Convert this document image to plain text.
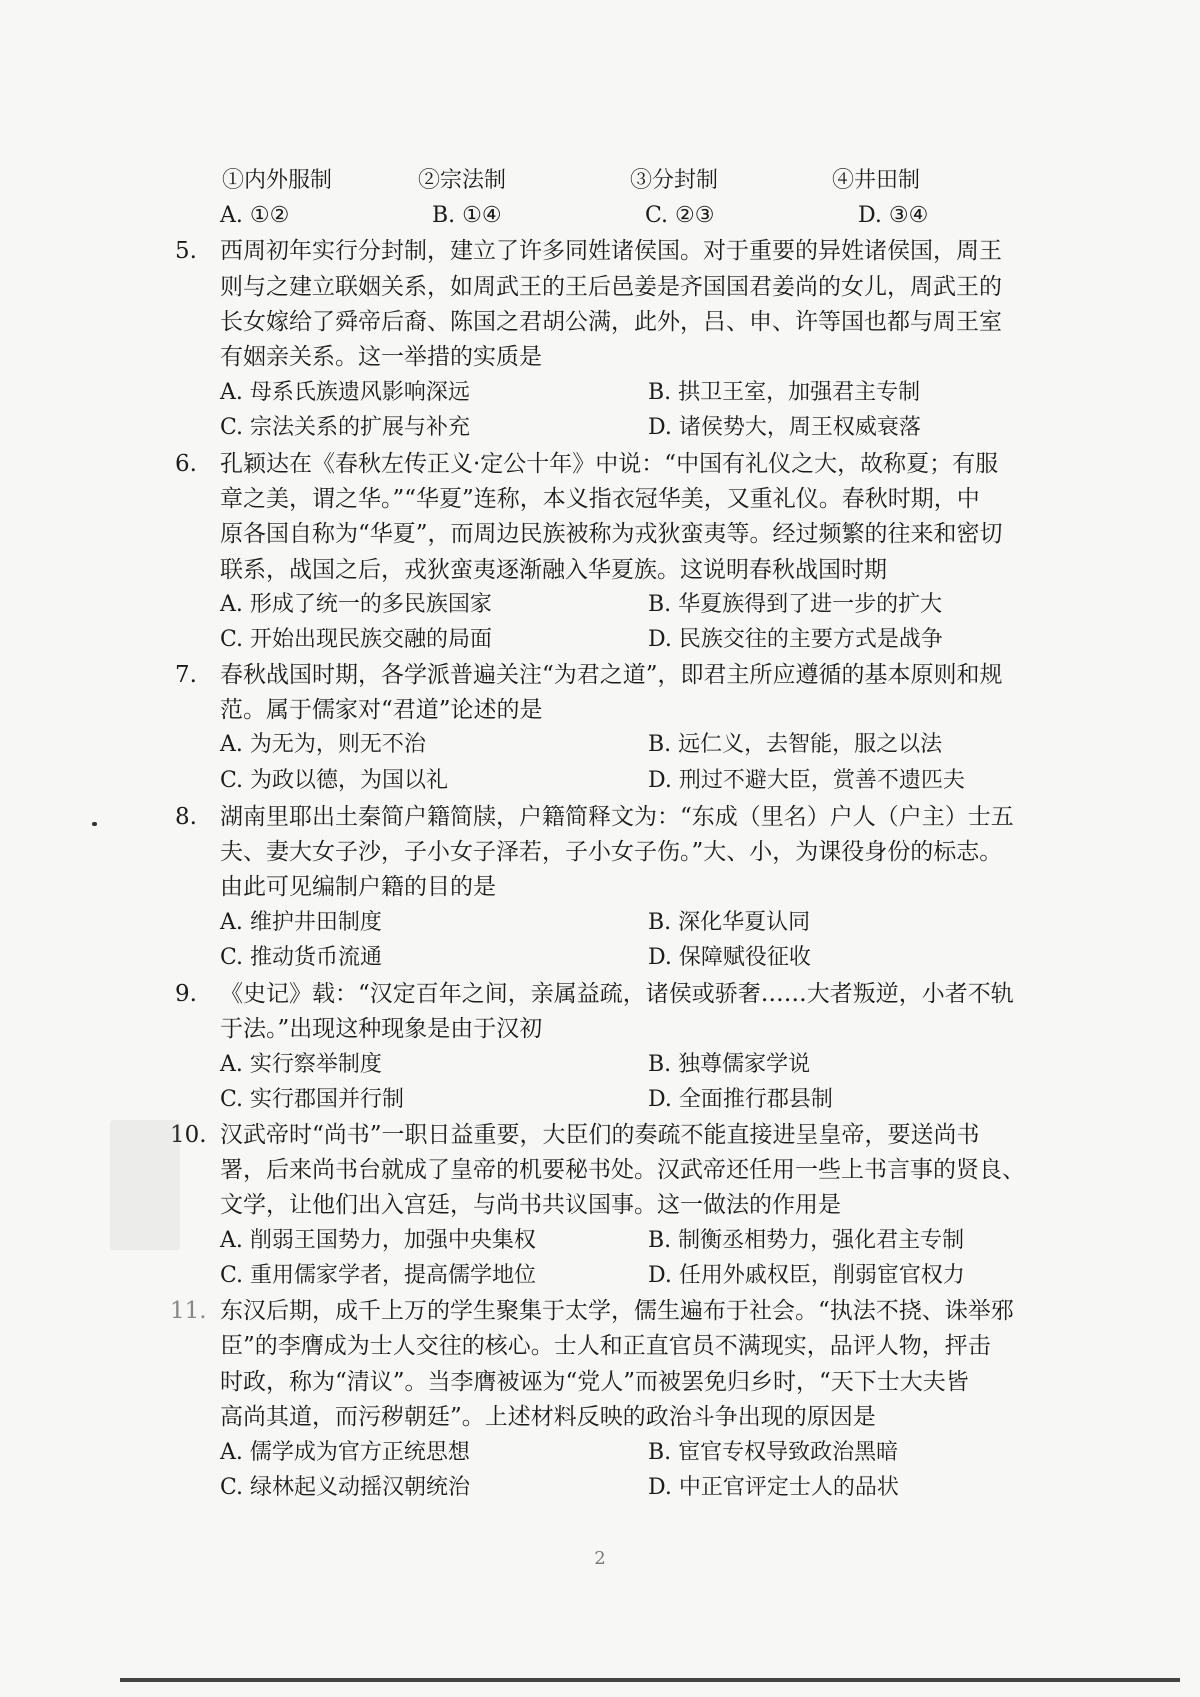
①内外服制	②宗法制	③分封制	④井田制
A. ①②	B. ①④	C. ②③	D. ③④
5. 西周初年实行分封制，建立了许多同姓诸侯国。对于重要的异姓诸侯国，周王
则与之建立联姻关系，如周武王的王后邑姜是齐国国君姜尚的女儿，周武王的
长女嫁给了舜帝后裔、陈国之君胡公满，此外，吕、申、许等国也都与周王室
有姻亲关系。这一举措的实质是
A. 母系氏族遗风影响深远	B. 拱卫王室，加强君主专制
C. 宗法关系的扩展与补充	D. 诸侯势大，周王权威衰落
6. 孔颖达在《春秋左传正义·定公十年》中说：“中国有礼仪之大，故称夏；有服
章之美，谓之华。”“华夏”连称，本义指衣冠华美，又重礼仪。春秋时期，中
原各国自称为“华夏”，而周边民族被称为戎狄蛮夷等。经过频繁的往来和密切
联系，战国之后，戎狄蛮夷逐渐融入华夏族。这说明春秋战国时期
A. 形成了统一的多民族国家	B. 华夏族得到了进一步的扩大
C. 开始出现民族交融的局面	D. 民族交往的主要方式是战争
7. 春秋战国时期，各学派普遍关注“为君之道”，即君主所应遵循的基本原则和规
范。属于儒家对“君道”论述的是
A. 为无为，则无不治	B. 远仁义，去智能，服之以法
C. 为政以德，为国以礼	D. 刑过不避大臣，赏善不遗匹夫
8. 湖南里耶出土秦简户籍简牍，户籍简释文为：“东成（里名）户人（户主）士五
夫、妻大女子沙，子小女子泽若，子小女子伤。”大、小，为课役身份的标志。
由此可见编制户籍的目的是
A. 维护井田制度	B. 深化华夏认同
C. 推动货币流通	D. 保障赋役征收
9. 《史记》载：“汉定百年之间，亲属益疏，诸侯或骄奢……大者叛逆，小者不轨
于法。”出现这种现象是由于汉初
A. 实行察举制度	B. 独尊儒家学说
C. 实行郡国并行制	D. 全面推行郡县制
10. 汉武帝时“尚书”一职日益重要，大臣们的奏疏不能直接进呈皇帝，要送尚书
署，后来尚书台就成了皇帝的机要秘书处。汉武帝还任用一些上书言事的贤良、
文学，让他们出入宫廷，与尚书共议国事。这一做法的作用是
A. 削弱王国势力，加强中央集权	B. 制衡丞相势力，强化君主专制
C. 重用儒家学者，提高儒学地位	D. 任用外戚权臣，削弱宦官权力
11. 东汉后期，成千上万的学生聚集于太学，儒生遍布于社会。“执法不挠、诛举邪
臣”的李膺成为士人交往的核心。士人和正直官员不满现实，品评人物，抨击
时政，称为“清议”。当李膺被诬为“党人”而被罢免归乡时，“天下士大夫皆
高尚其道，而污秽朝廷”。上述材料反映的政治斗争出现的原因是
A. 儒学成为官方正统思想	B. 宦官专权导致政治黑暗
C. 绿林起义动摇汉朝统治	D. 中正官评定士人的品状
2
